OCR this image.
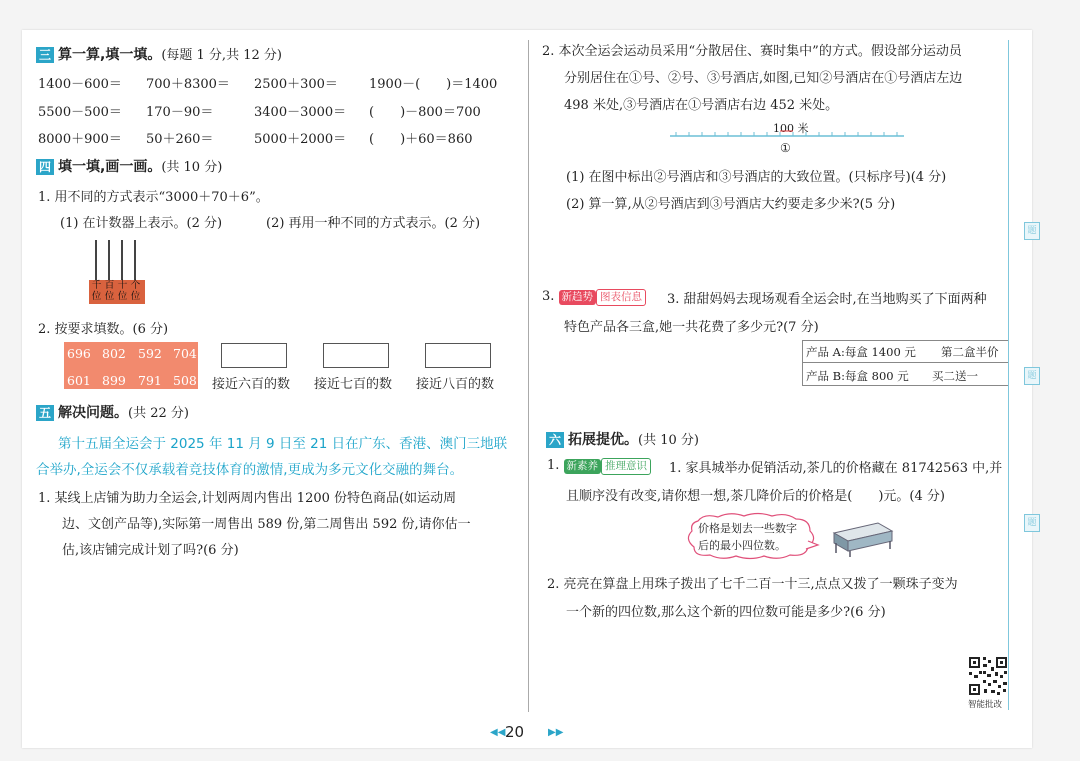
三 算一算,填一填。(每题 1 分,共 12 分)
1400－600＝ 700＋8300＝ 2500＋300＝ 1900－(　　)＝1400
5500－500＝ 170－90＝	3400－3000＝ (　　)－800＝700
8000＋900＝ 50＋260＝	5000＋2000＝ (　　)＋60＝860
四 填一填,画一画。(共 10 分)
1. 用不同的方式表示“3000＋70＋6”。
(1) 在计数器上表示。(2 分)	(2) 再用一种不同的方式表示。(2 分)
千位
百位
十位
个位
2. 按要求填数。(6 分)
696 802 592 704
601 899 791 508 接近六百的数 接近七百的数 接近八百的数
五 解决问题。(共 22 分)
第十五届全运会于 2025 年 11 月 9 日至 21 日在广东、香港、澳门三地联
合举办,全运会不仅承载着竞技体育的激情,更成为多元文化交融的舞台。
1. 某线上店铺为助力全运会,计划两周内售出 1200 份特色商品(如运动周
边、文创产品等),实际第一周售出 589 份,第二周售出 592 份,请你估一
估,该店铺完成计划了吗?(6 分)
2. 本次全运会运动员采用“分散居住、赛时集中”的方式。假设部分运动员
分别居住在①号、②号、③号酒店,如图,已知②号酒店在①号酒店左边
498 米处,③号酒店在①号酒店右边 452 米处。
100 米
①
(1) 在图中标出②号酒店和③号酒店的大致位置。(只标序号)(4 分)
(2) 算一算,从②号酒店到③号酒店大约要走多少米?(5 分)
3. 新趋势 图表信息	3. 甜甜妈妈去现场观看全运会时,在当地购买了下面两种
特色产品各三盒,她一共花费了多少元?(7 分)
产品 A:每盒 1400 元 第二盒半价
产品 B:每盒 800 元 买二送一
六 拓展提优。(共 10 分)
1. 新素养 推理意识	1. 家具城举办促销活动,茶几的价格藏在 81742563 中,并
且顺序没有改变,请你想一想,茶几降价后的价格是(　　)元。(4 分)
价格是划去一些数字
后的最小四位数。
2. 亮亮在算盘上用珠子拨出了七千二百一十三,点点又拨了一颗珠子变为
一个新的四位数,那么这个新的四位数可能是多少?(6 分)
智能批改
题
题
题
◀◀ 20 ▶▶
